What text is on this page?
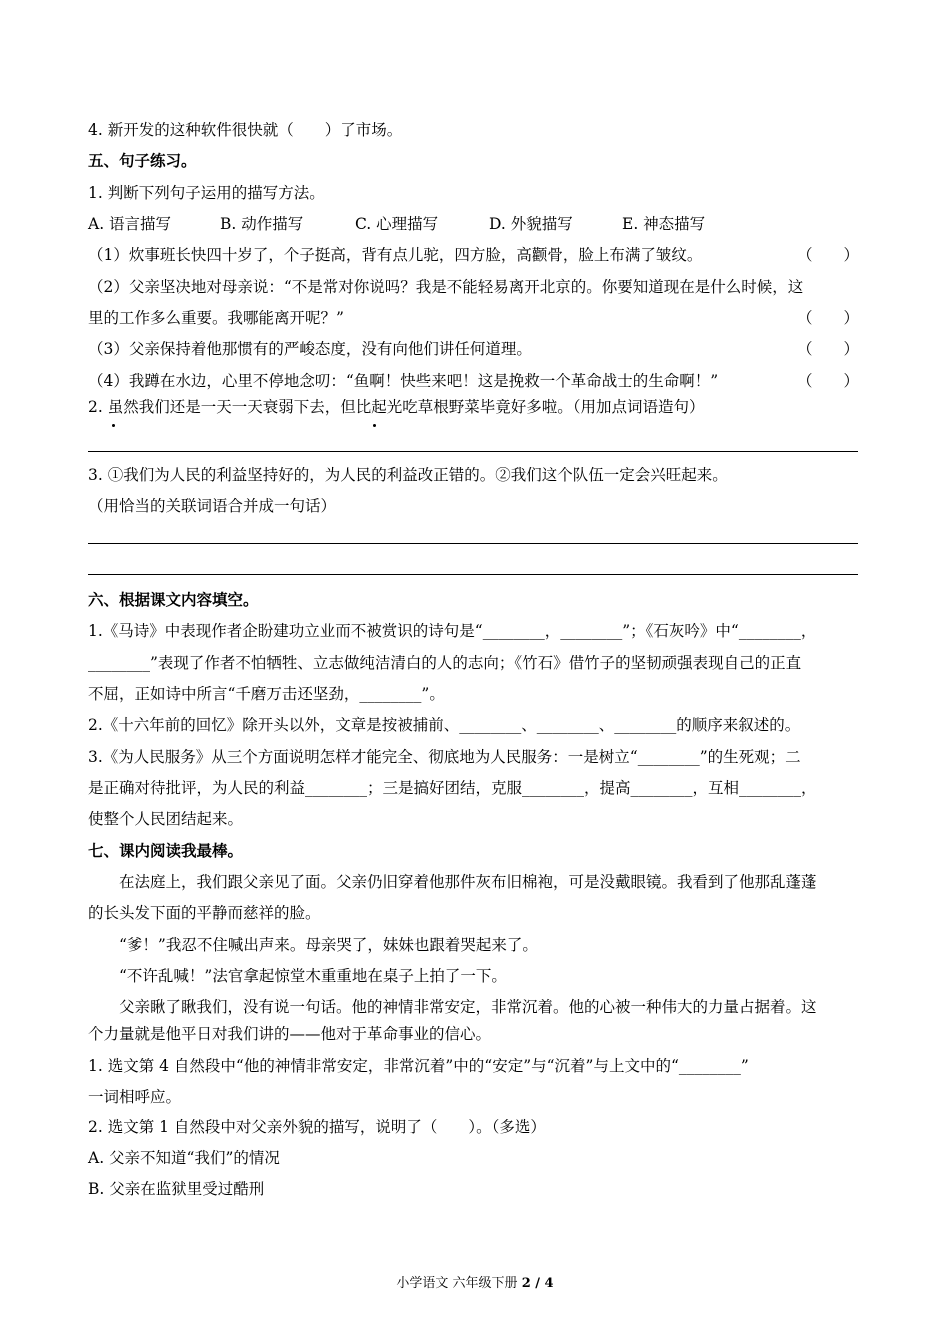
4. 新开发的这种软件很快就（　　）了市场。
五、句子练习。
1. 判断下列句子运用的描写方法。
A. 语言描写	B. 动作描写	C. 心理描写	D. 外貌描写	E. 神态描写
（1）炊事班长快四十岁了，个子挺高，背有点儿驼，四方脸，高颧骨，脸上布满了皱纹。	（　　）
（2）父亲坚决地对母亲说：“不是常对你说吗？我是不能轻易离开北京的。你要知道现在是什么时候，这
里的工作多么重要。我哪能离开呢？”	（　　）
（3）父亲保持着他那惯有的严峻态度，没有向他们讲任何道理。	（　　）
（4）我蹲在水边，心里不停地念叨：“鱼啊！快些来吧！这是挽救一个革命战士的生命啊！”	（　　）
2. 虽然我们还是一天一天衰弱下去，但比起光吃草根野菜毕竟好多啦。（用加点词语造句）
3. ①我们为人民的利益坚持好的，为人民的利益改正错的。②我们这个队伍一定会兴旺起来。
（用恰当的关联词语合并成一句话）
六、根据课文内容填空。
1.《马诗》中表现作者企盼建功立业而不被赏识的诗句是“________，________”；《石灰吟》中“________，
________”表现了作者不怕牺牲、立志做纯洁清白的人的志向；《竹石》借竹子的坚韧顽强表现自己的正直
不屈，正如诗中所言“千磨万击还坚劲，________”。
2.《十六年前的回忆》除开头以外，文章是按被捕前、________、________、________的顺序来叙述的。
3.《为人民服务》从三个方面说明怎样才能完全、彻底地为人民服务：一是树立“________”的生死观；二
是正确对待批评，为人民的利益________；三是搞好团结，克服________，提高________，互相________，
使整个人民团结起来。
七、课内阅读我最棒。
在法庭上，我们跟父亲见了面。父亲仍旧穿着他那件灰布旧棉袍，可是没戴眼镜。我看到了他那乱蓬蓬
的长头发下面的平静而慈祥的脸。
“爹！”我忍不住喊出声来。母亲哭了，妹妹也跟着哭起来了。
“不许乱喊！”法官拿起惊堂木重重地在桌子上拍了一下。
父亲瞅了瞅我们，没有说一句话。他的神情非常安定，非常沉着。他的心被一种伟大的力量占据着。这
个力量就是他平日对我们讲的——他对于革命事业的信心。
1. 选文第 4 自然段中“他的神情非常安定，非常沉着”中的“安定”与“沉着”与上文中的“________”
一词相呼应。
2. 选文第 1 自然段中对父亲外貌的描写，说明了（　　）。（多选）
A. 父亲不知道“我们”的情况
B. 父亲在监狱里受过酷刑
小学语文 六年级下册 2 / 4
